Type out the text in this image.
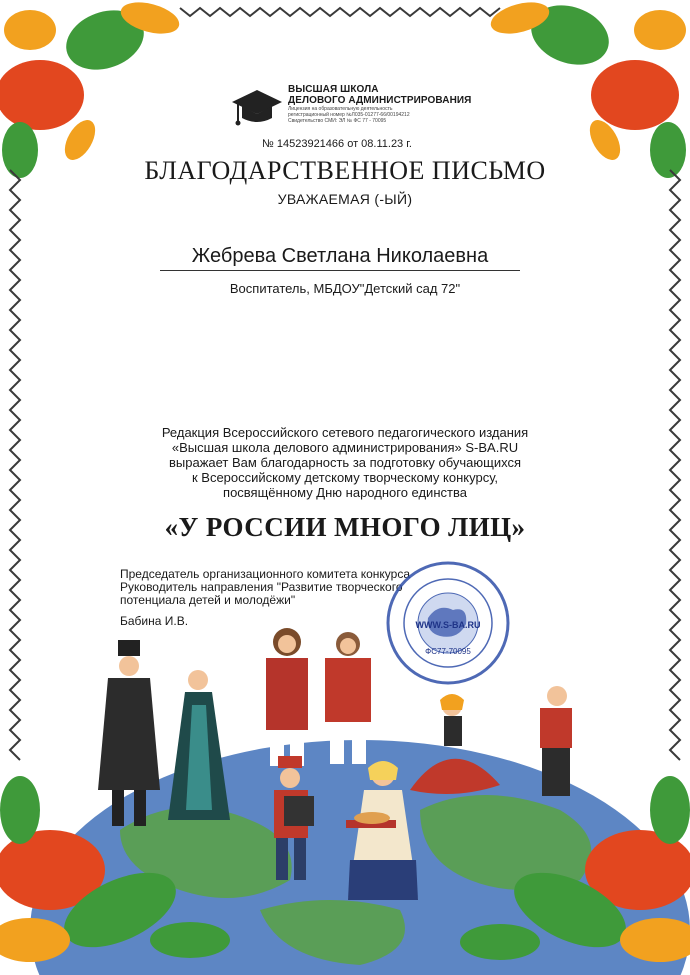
ВЫСШАЯ ШКОЛА
ДЕЛОВОГО АДМИНИСТРИРОВАНИЯ
Лицензия на образовательную деятельность
регистрационный номер №Л035-01277-66/00194212
Свидетельство СМИ: ЭЛ № ФС 77 - 70095
№ 14523921466 от 08.11.23 г.
БЛАГОДАРСТВЕННОЕ ПИСЬМО
УВАЖАЕМАЯ (-ЫЙ)
Жебрева Светлана Николаевна
Воспитатель, МБДОУ"Детский сад 72"
Редакция Всероссийского сетевого педагогического издания
«Высшая школа делового администрирования» S-BA.RU
выражает Вам благодарность за подготовку обучающихся
к Всероссийскому детскому творческому конкурсу,
посвящённому Дню народного единства
«У РОССИИ МНОГО ЛИЦ»
Председатель организационного комитета конкурса
Руководитель направления "Развитие творческого
потенциала детей и молодёжи"
Бабина И.В.	WWW.S-BA.RU
ФС77-70095
